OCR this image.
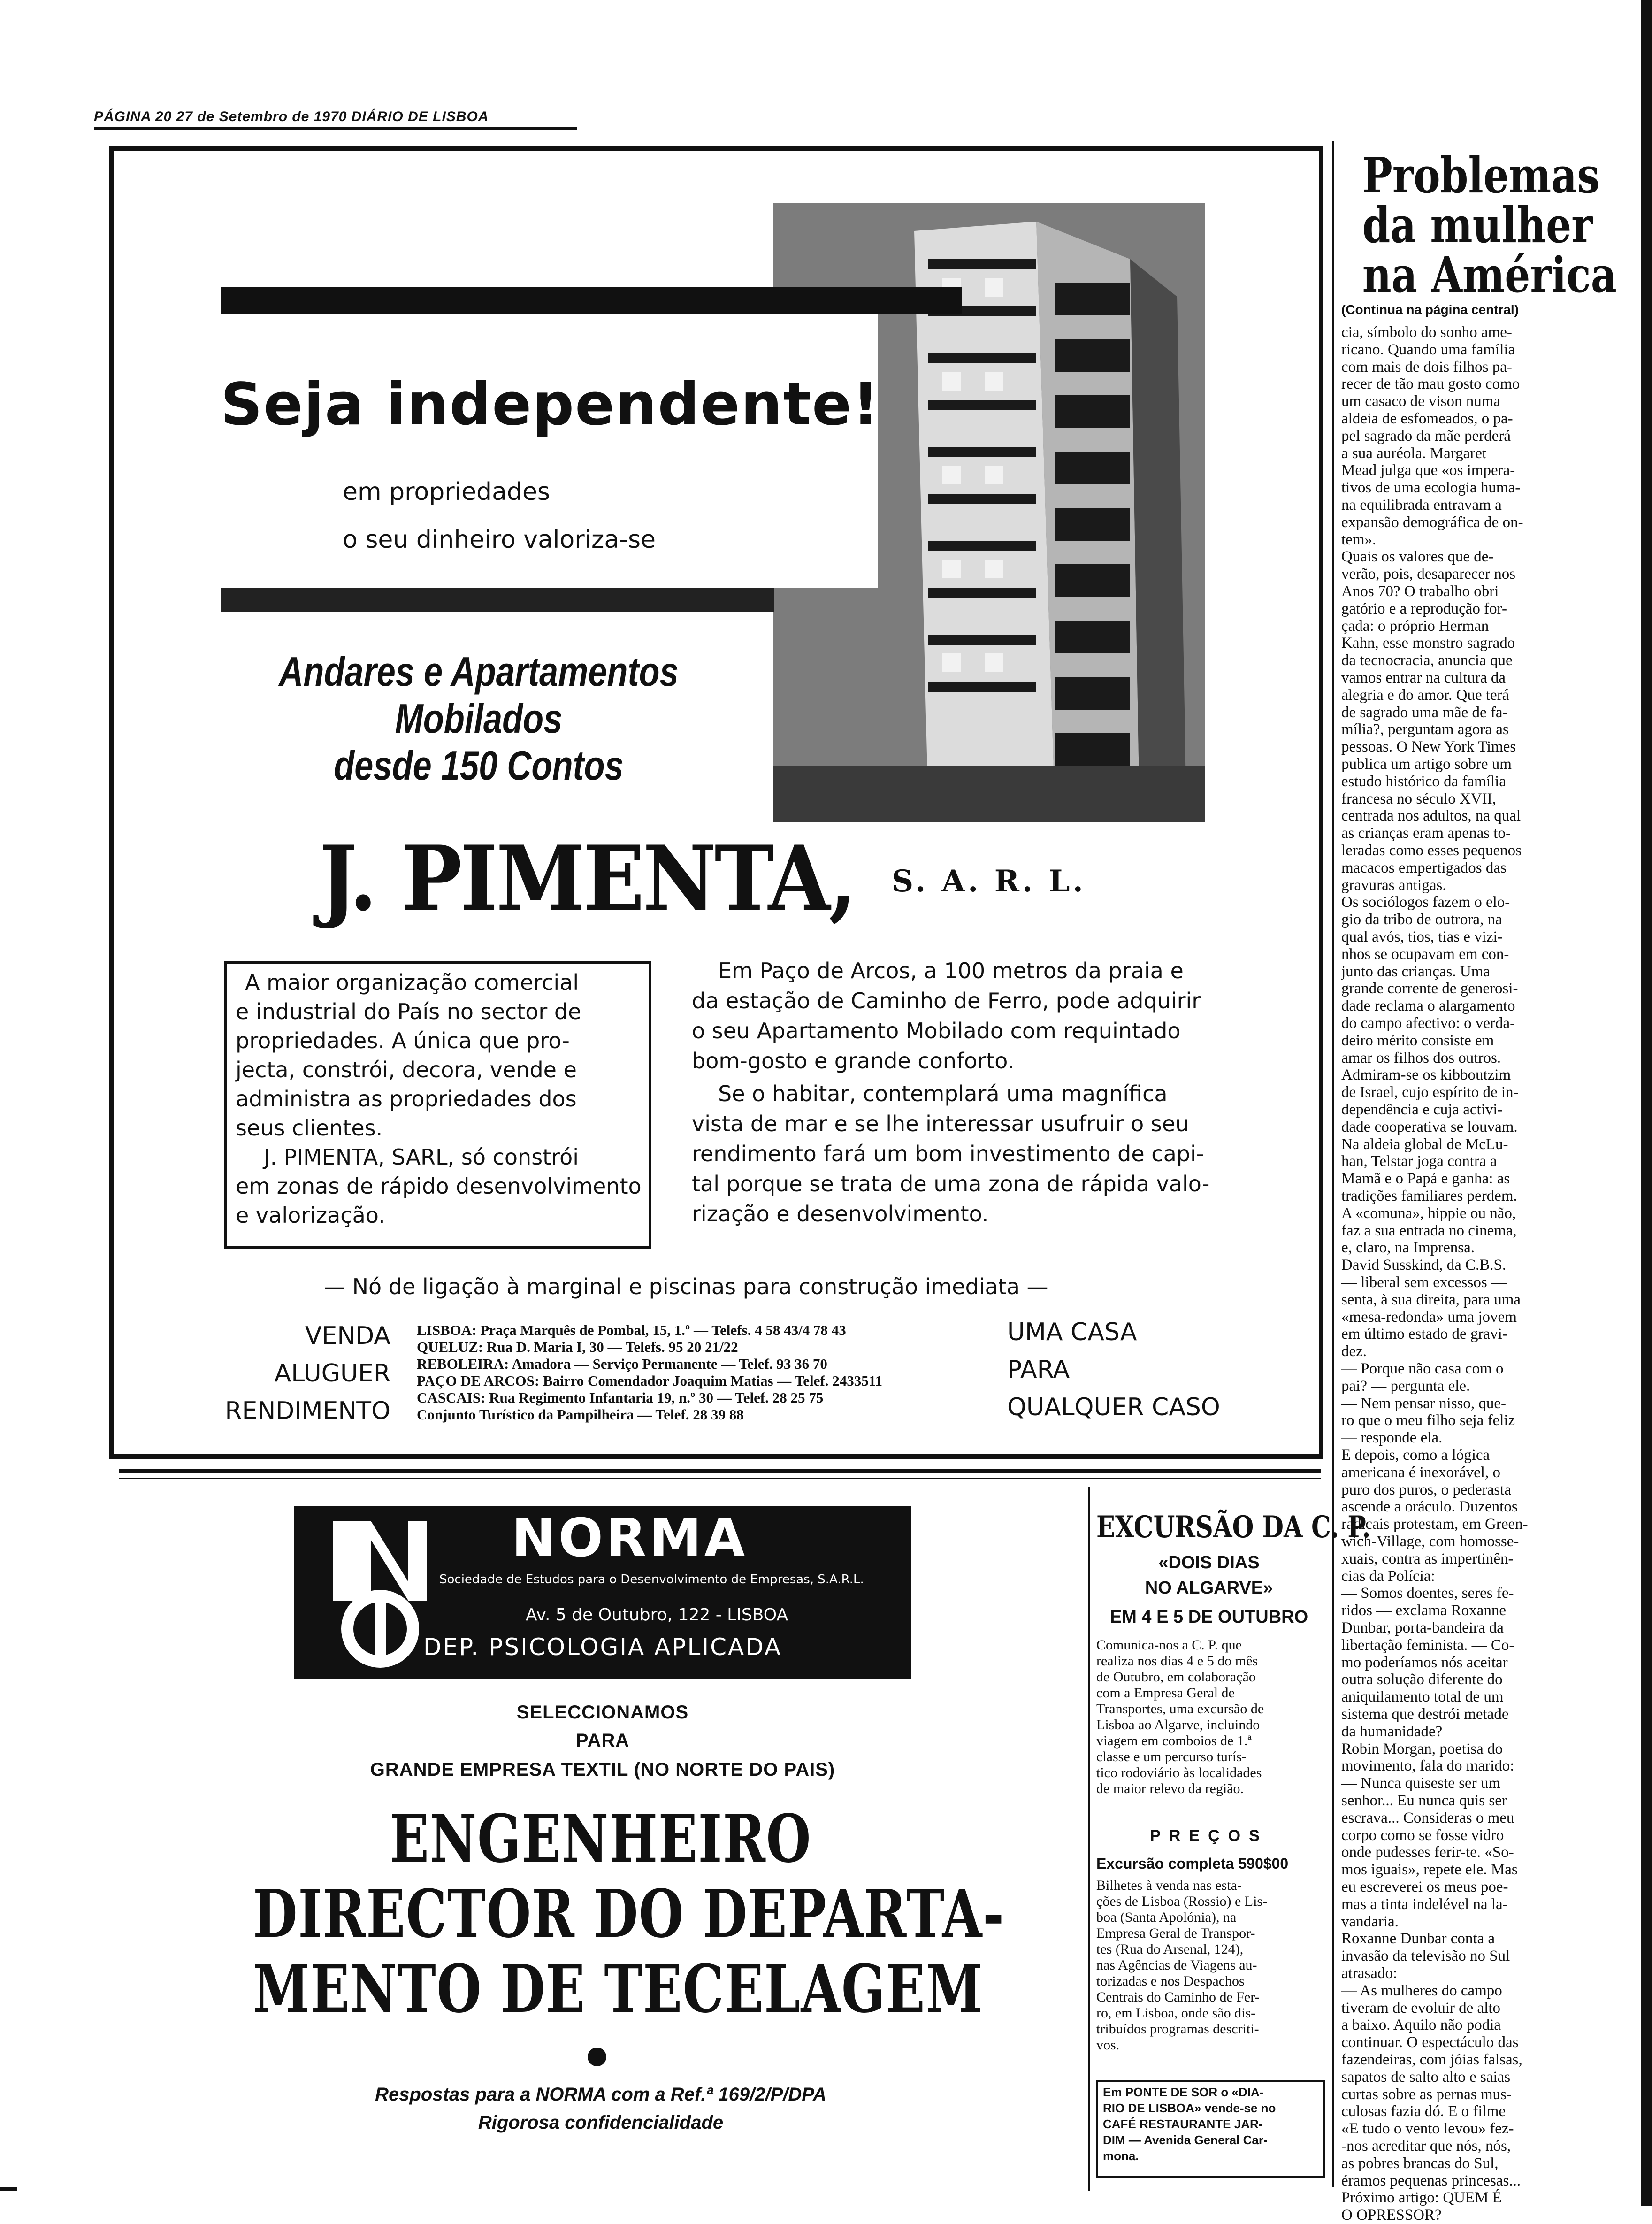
PÁGINA 20 27 de Setembro de 1970 DIÁRIO DE LISBOA
Seja independente!
em propriedades
o seu dinheiro valoriza-se
Andares e Apartamentos
Mobilados
desde 150 Contos
J. PIMENTA, S. A. R. L.
A maior organização comercial
e industrial do País no sector de
propriedades. A única que pro-
jecta, constrói, decora, vende e
administra as propriedades dos
seus clientes.
J. PIMENTA, SARL, só constrói
em zonas de rápido desenvolvimento
e valorização.
Em Paço de Arcos, a 100 metros da praia e
da estação de Caminho de Ferro, pode adquirir
o seu Apartamento Mobilado com requintado
bom-gosto e grande conforto.
Se o habitar, contemplará uma magnífica
vista de mar e se lhe interessar usufruir o seu
rendimento fará um bom investimento de capi-
tal porque se trata de uma zona de rápida valo-
rização e desenvolvimento.
— Nó de ligação à marginal e piscinas para construção imediata —
VENDA
ALUGUER
RENDIMENTO
LISBOA: Praça Marquês de Pombal, 15, 1.º — Telefs. 4 58 43/4 78 43
QUELUZ: Rua D. Maria I, 30 — Telefs. 95 20 21/22
REBOLEIRA: Amadora — Serviço Permanente — Telef. 93 36 70
PAÇO DE ARCOS: Bairro Comendador Joaquim Matias — Telef. 2433511
CASCAIS: Rua Regimento Infantaria 19, n.º 30 — Telef. 28 25 75
Conjunto Turístico da Pampilheira — Telef. 28 39 88
UMA CASA
PARA
QUALQUER CASO
Problemas
da mulher
na América
(Continua na página central)
cia, símbolo do sonho ame-
ricano. Quando uma família
com mais de dois filhos pa-
recer de tão mau gosto como
um casaco de vison numa
aldeia de esfomeados, o pa-
pel sagrado da mãe perderá
a sua auréola. Margaret
Mead julga que «os impera-
tivos de uma ecologia huma-
na equilibrada entravam a
expansão demográfica de on-
tem».
Quais os valores que de-
verão, pois, desaparecer nos
Anos 70? O trabalho obri
gatório e a reprodução for-
çada: o próprio Herman
Kahn, esse monstro sagrado
da tecnocracia, anuncia que
vamos entrar na cultura da
alegria e do amor. Que terá
de sagrado uma mãe de fa-
mília?, perguntam agora as
pessoas. O New York Times
publica um artigo sobre um
estudo histórico da família
francesa no século XVII,
centrada nos adultos, na qual
as crianças eram apenas to-
leradas como esses pequenos
macacos empertigados das
gravuras antigas.
Os sociólogos fazem o elo-
gio da tribo de outrora, na
qual avós, tios, tias e vizi-
nhos se ocupavam em con-
junto das crianças. Uma
grande corrente de generosi-
dade reclama o alargamento
do campo afectivo: o verda-
deiro mérito consiste em
amar os filhos dos outros.
Admiram-se os kibboutzim
de Israel, cujo espírito de in-
dependência e cuja activi-
dade cooperativa se louvam.
Na aldeia global de McLu-
han, Telstar joga contra a
Mamã e o Papá e ganha: as
tradições familiares perdem.
A «comuna», hippie ou não,
faz a sua entrada no cinema,
e, claro, na Imprensa.
David Susskind, da C.B.S.
— liberal sem excessos —
senta, à sua direita, para uma
«mesa-redonda» uma jovem
em último estado de gravi-
dez.
— Porque não casa com o
pai? — pergunta ele.
— Nem pensar nisso, que-
ro que o meu filho seja feliz
— responde ela.
E depois, como a lógica
americana é inexorável, o
puro dos puros, o pederasta
ascende a oráculo. Duzentos
radicais protestam, em Green-
wich-Village, com homosse-
xuais, contra as impertinên-
cias da Polícia:
— Somos doentes, seres fe-
ridos — exclama Roxanne
Dunbar, porta-bandeira da
libertação feminista. — Co-
mo poderíamos nós aceitar
outra solução diferente do
aniquilamento total de um
sistema que destrói metade
da humanidade?
Robin Morgan, poetisa do
movimento, fala do marido:
— Nunca quiseste ser um
senhor... Eu nunca quis ser
escrava... Consideras o meu
corpo como se fosse vidro
onde pudesses ferir-te. «So-
mos iguais», repete ele. Mas
eu escreverei os meus poe-
mas a tinta indelével na la-
vandaria.
Roxanne Dunbar conta a
invasão da televisão no Sul
atrasado:
— As mulheres do campo
tiveram de evoluir de alto
a baixo. Aquilo não podia
continuar. O espectáculo das
fazendeiras, com jóias falsas,
sapatos de salto alto e saias
curtas sobre as pernas mus-
culosas fazia dó. E o filme
«E tudo o vento levou» fez-
-nos acreditar que nós, nós,
as pobres brancas do Sul,
éramos pequenas princesas...
Próximo artigo: QUEM É
O OPRESSOR?
EXCURSÃO DA C. P.
«DOIS DIAS
NO ALGARVE»
EM 4 E 5 DE OUTUBRO
Comunica-nos a C. P. que
realiza nos dias 4 e 5 do mês
de Outubro, em colaboração
com a Empresa Geral de
Transportes, uma excursão de
Lisboa ao Algarve, incluindo
viagem em comboios de 1.ª
classe e um percurso turís-
tico rodoviário às localidades
de maior relevo da região.
PREÇOS
Excursão completa 590$00
Bilhetes à venda nas esta-
ções de Lisboa (Rossio) e Lis-
boa (Santa Apolónia), na
Empresa Geral de Transpor-
tes (Rua do Arsenal, 124),
nas Agências de Viagens au-
torizadas e nos Despachos
Centrais do Caminho de Fer-
ro, em Lisboa, onde são dis-
tribuídos programas descriti-
vos.
Em PONTE DE SOR o «DIA-
RIO DE LISBOA» vende-se no
CAFÉ RESTAURANTE JAR-
DIM — Avenida General Car-
mona.
NORMA
Sociedade de Estudos para o Desenvolvimento de Empresas, S.A.R.L.
Av. 5 de Outubro, 122 - LISBOA
DEP. PSICOLOGIA APLICADA
SELECCIONAMOS
PARA
GRANDE EMPRESA TEXTIL (NO NORTE DO PAIS)
ENGENHEIRO
DIRECTOR DO DEPARTA-
MENTO DE TECELAGEM
Respostas para a NORMA com a Ref.ª 169/2/P/DPA
Rigorosa confidencialidade
